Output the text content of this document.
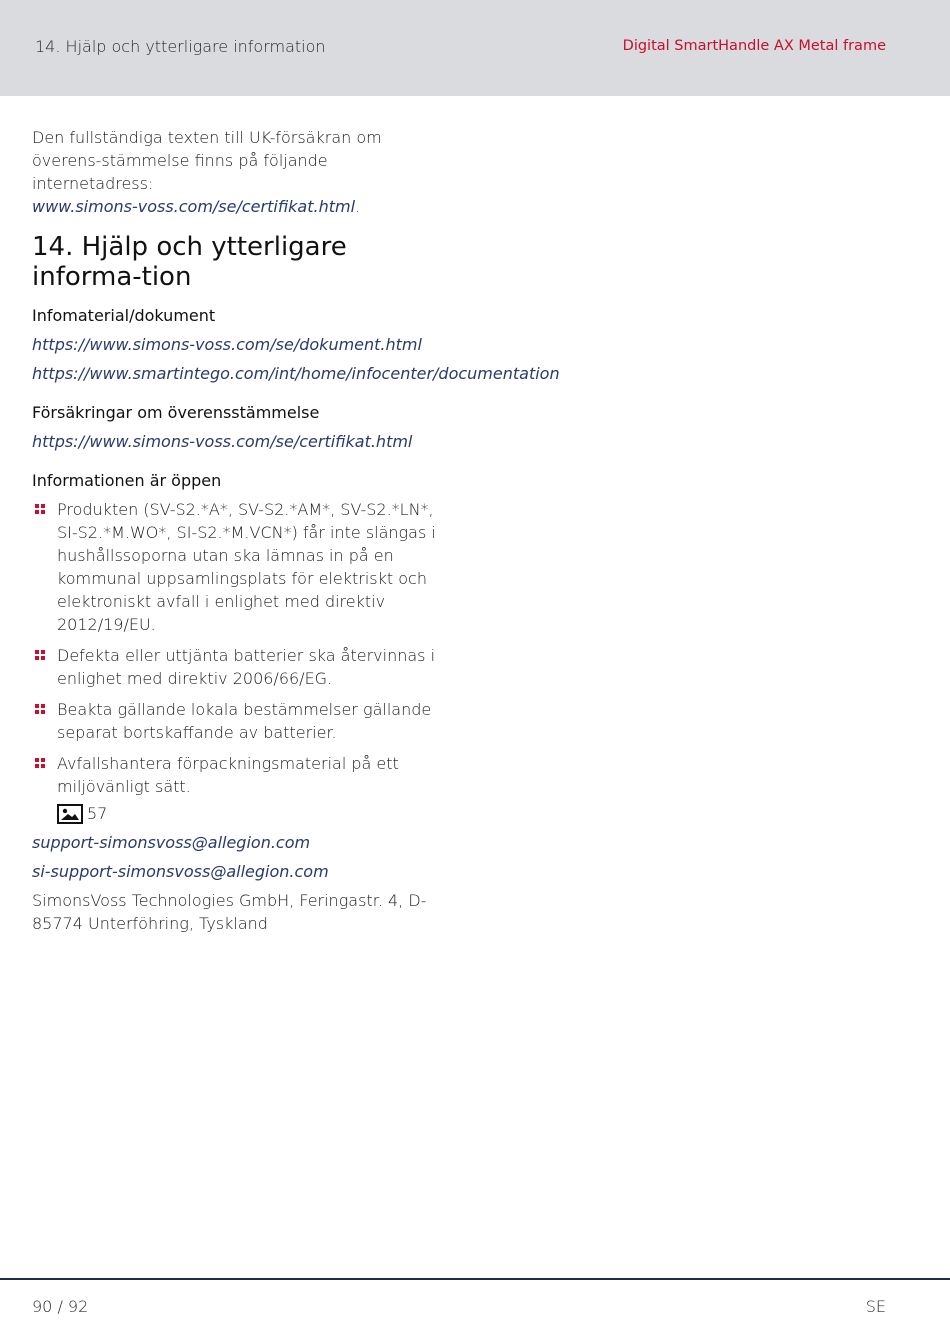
14. Hjälp och ytterligare information	Digital SmartHandle AX Metal frame

Den fullständiga texten till UK-försäkran om överens-stämmelse finns på följande internetadress:
www.simons-voss.com/se/certifikat.html.

14. Hjälp och ytterligare informa-tion
Infomaterial/dokument
https://www.simons-voss.com/se/dokument.html
https://www.smartintego.com/int/home/infocenter/documentation
Försäkringar om överensstämmelse
https://www.simons-voss.com/se/certifikat.html
Informationen är öppen
Produkten (SV-S2.*A*, SV-S2.*AM*, SV-S2.*LN*, SI-S2.*M.WO*, SI-S2.*M.VCN*) får inte slängas i hushållssoporna utan ska lämnas in på en kommunal uppsamlingsplats för elektriskt och elektroniskt avfall i enlighet med direktiv 2012/19/EU.
Defekta eller uttjänta batterier ska återvinnas i enlighet med direktiv 2006/66/EG.
Beakta gällande lokala bestämmelser gällande separat bortskaffande av batterier.
Avfallshantera förpackningsmaterial på ett miljövänligt sätt.
57
support-simonsvoss@allegion.com
si-support-simonsvoss@allegion.com

SimonsVoss Technologies GmbH, Feringastr. 4, D-85774 Unterföhring, Tyskland

90 / 92	SE
